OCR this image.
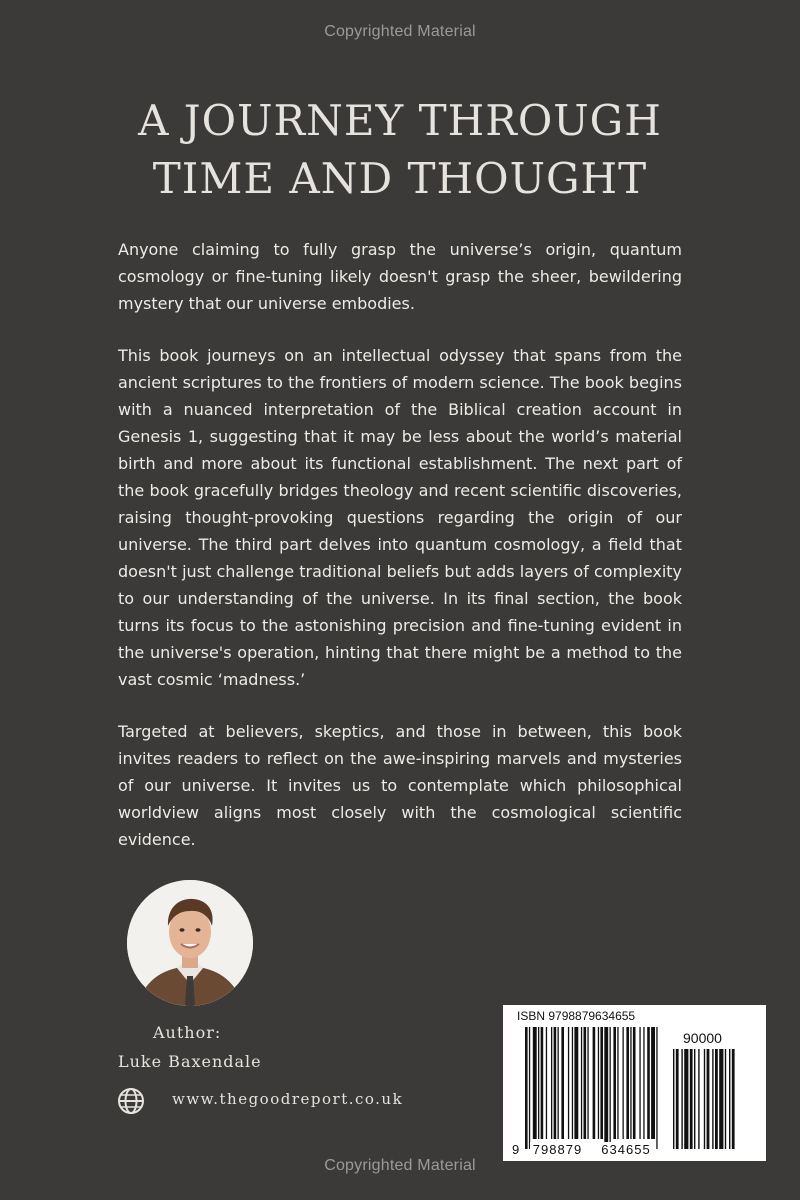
Copyrighted Material
A JOURNEY THROUGH
TIME AND THOUGHT

Anyone claiming to fully grasp the universe’s origin, quantum cosmology or fine-tuning likely doesn't grasp the sheer, bewildering mystery that our universe embodies.

This book journeys on an intellectual odyssey that spans from the ancient scriptures to the frontiers of modern science. The book begins with a nuanced interpretation of the Biblical creation account in Genesis 1, suggesting that it may be less about the world’s material birth and more about its functional establishment. The next part of the book gracefully bridges theology and recent scientific discoveries, raising thought-provoking questions regarding the origin of our universe. The third part delves into quantum cosmology, a field that doesn't just challenge traditional beliefs but adds layers of complexity to our understanding of the universe. In its final section, the book turns its focus to the astonishing precision and fine-tuning evident in the universe's operation, hinting that there might be a method to the vast cosmic ‘madness.’

Targeted at believers, skeptics, and those in between, this book invites readers to reflect on the awe-inspiring marvels and mysteries of our universe. It invites us to contemplate which philosophical worldview aligns most closely with the cosmological scientific evidence.

Author:
Luke Baxendale
www.thegoodreport.co.uk
ISBN 9798879634655
90000
9 798879	634655
Copyrighted Material
